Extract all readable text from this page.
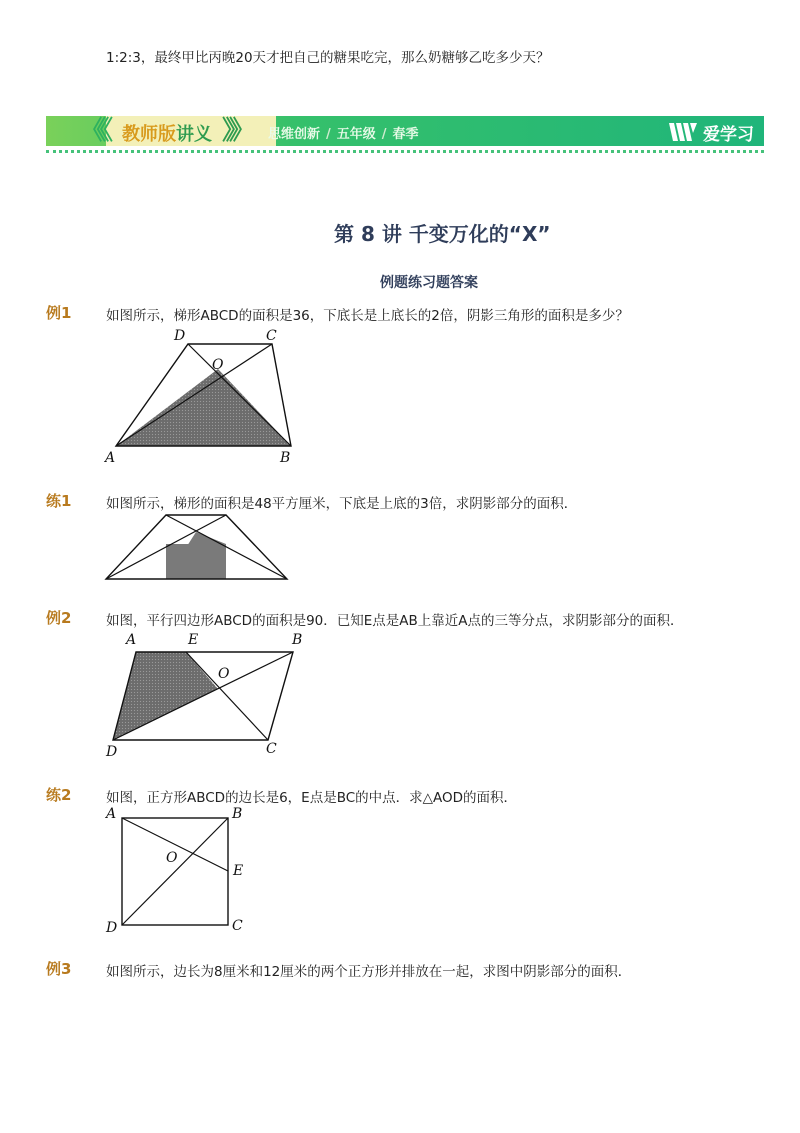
1:2:3，最终甲比丙晚20天才把自己的糖果吃完，那么奶糖够乙吃多少天？
《《 教师版讲义 》》 思维创新 / 五年级 / 春季	爱学习
第 8 讲 千变万化的“X”
例题练习题答案
例1	如图所示，梯形ABCD的面积是36，下底长是上底长的2倍，阴影三角形的面积是多少？
D	C
O
A	B
练1	如图所示，梯形的面积是48平方厘米，下底是上底的3倍，求阴影部分的面积．
例2	如图，平行四边形ABCD的面积是90．已知E点是AB上靠近A点的三等分点，求阴影部分的面积．
A	E	B
O
D	C
练2	如图，正方形ABCD的边长是6，E点是BC的中点．求△AOD的面积．
A	B
O
E
D	C
例3	如图所示，边长为8厘米和12厘米的两个正方形并排放在一起，求图中阴影部分的面积．
